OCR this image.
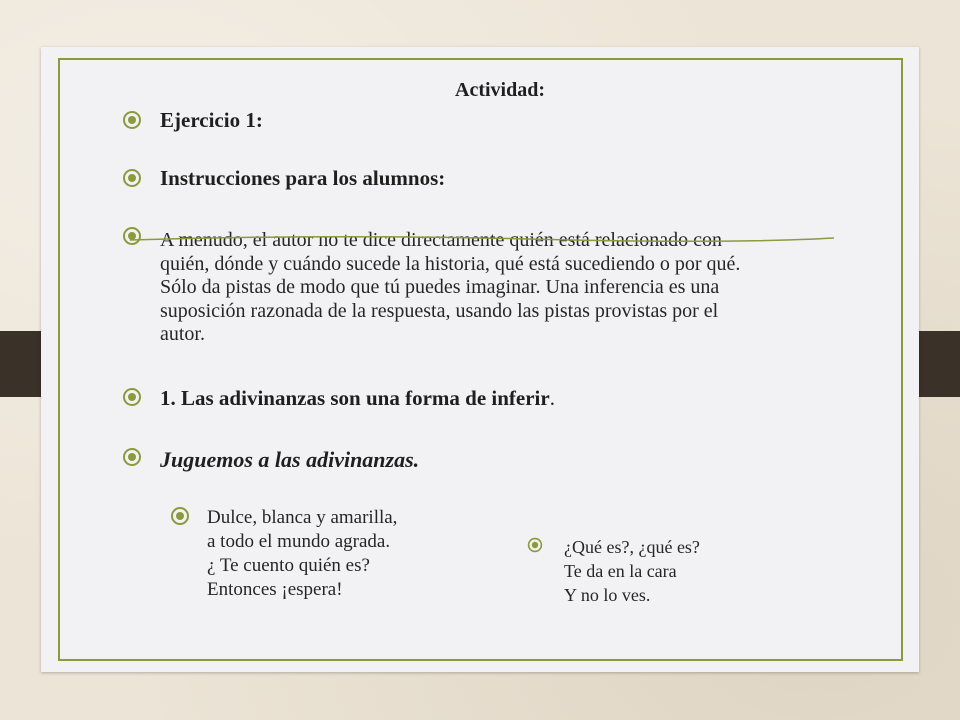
Actividad:
Ejercicio 1:
Instrucciones para los alumnos:
A menudo, el autor no te dice directamente quién está relacionado con
quién, dónde y cuándo sucede la historia, qué está sucediendo o por qué.
Sólo da pistas de modo que tú puedes imaginar. Una inferencia es una
suposición razonada de la respuesta, usando las pistas provistas por el
autor.
1. Las adivinanzas son una forma de inferir.
Juguemos a las adivinanzas.
Dulce, blanca y amarilla,
a todo el mundo agrada.
¿ Te cuento quién es?
Entonces ¡espera!
¿Qué es?, ¿qué es?
Te da en la cara
Y no lo ves.
